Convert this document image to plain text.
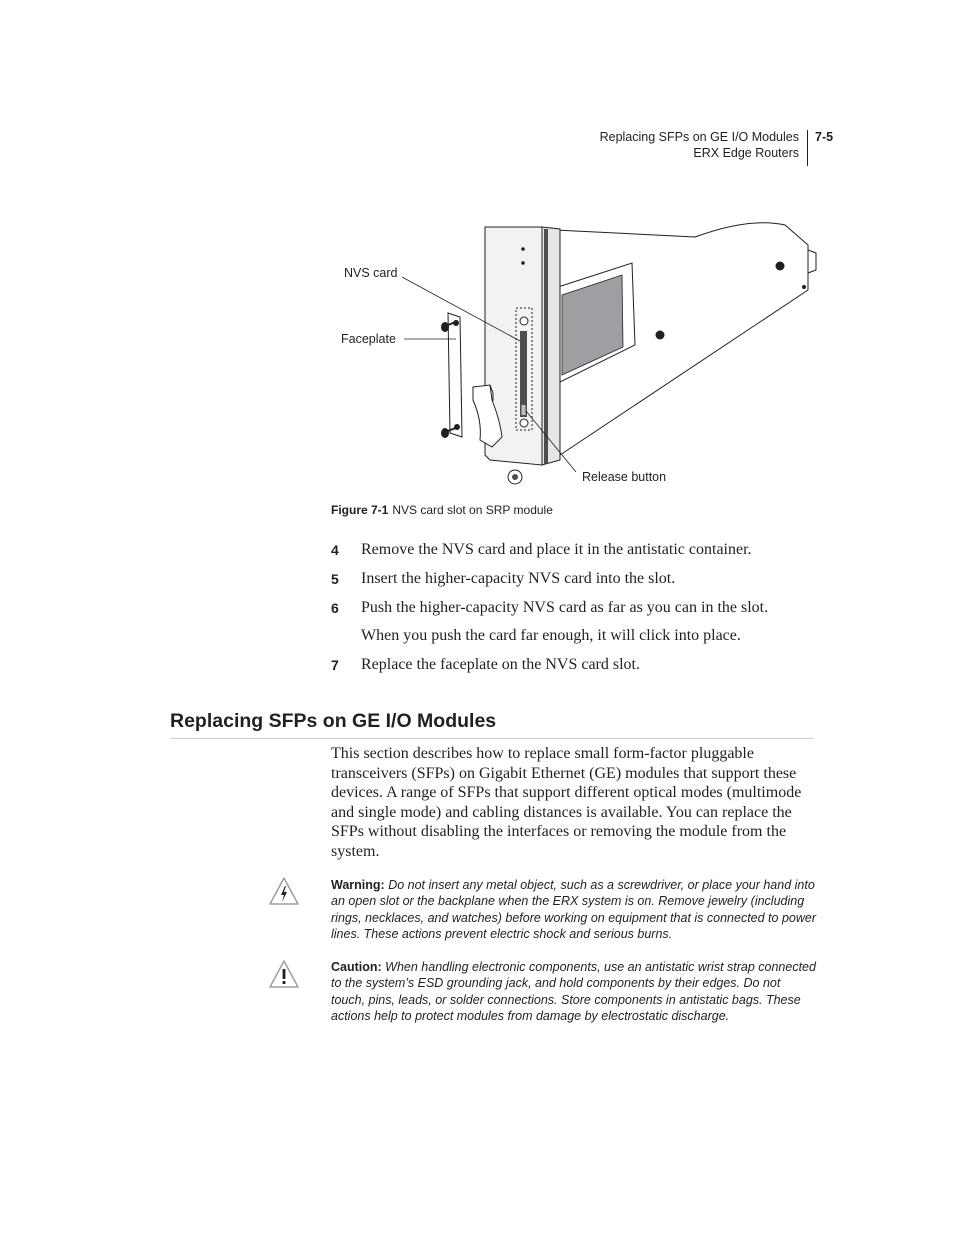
Replacing SFPs on GE I/O Modules
ERX Edge Routers
7-5
NVS card
Faceplate
Release button
Figure 7-1 NVS card slot on SRP module
4 Remove the NVS card and place it in the antistatic container.
5 Insert the higher-capacity NVS card into the slot.
6 Push the higher-capacity NVS card as far as you can in the slot.
When you push the card far enough, it will click into place.
7 Replace the faceplate on the NVS card slot.
Replacing SFPs on GE I/O Modules
This section describes how to replace small form-factor pluggable transceivers (SFPs) on Gigabit Ethernet (GE) modules that support these devices. A range of SFPs that support different optical modes (multimode and single mode) and cabling distances is available. You can replace the SFPs without disabling the interfaces or removing the module from the system.
Warning: Do not insert any metal object, such as a screwdriver, or place your hand into an open slot or the backplane when the ERX system is on. Remove jewelry (including rings, necklaces, and watches) before working on equipment that is connected to power lines. These actions prevent electric shock and serious burns.
Caution: When handling electronic components, use an antistatic wrist strap connected to the system’s ESD grounding jack, and hold components by their edges. Do not touch, pins, leads, or solder connections. Store components in antistatic bags. These actions help to protect modules from damage by electrostatic discharge.
